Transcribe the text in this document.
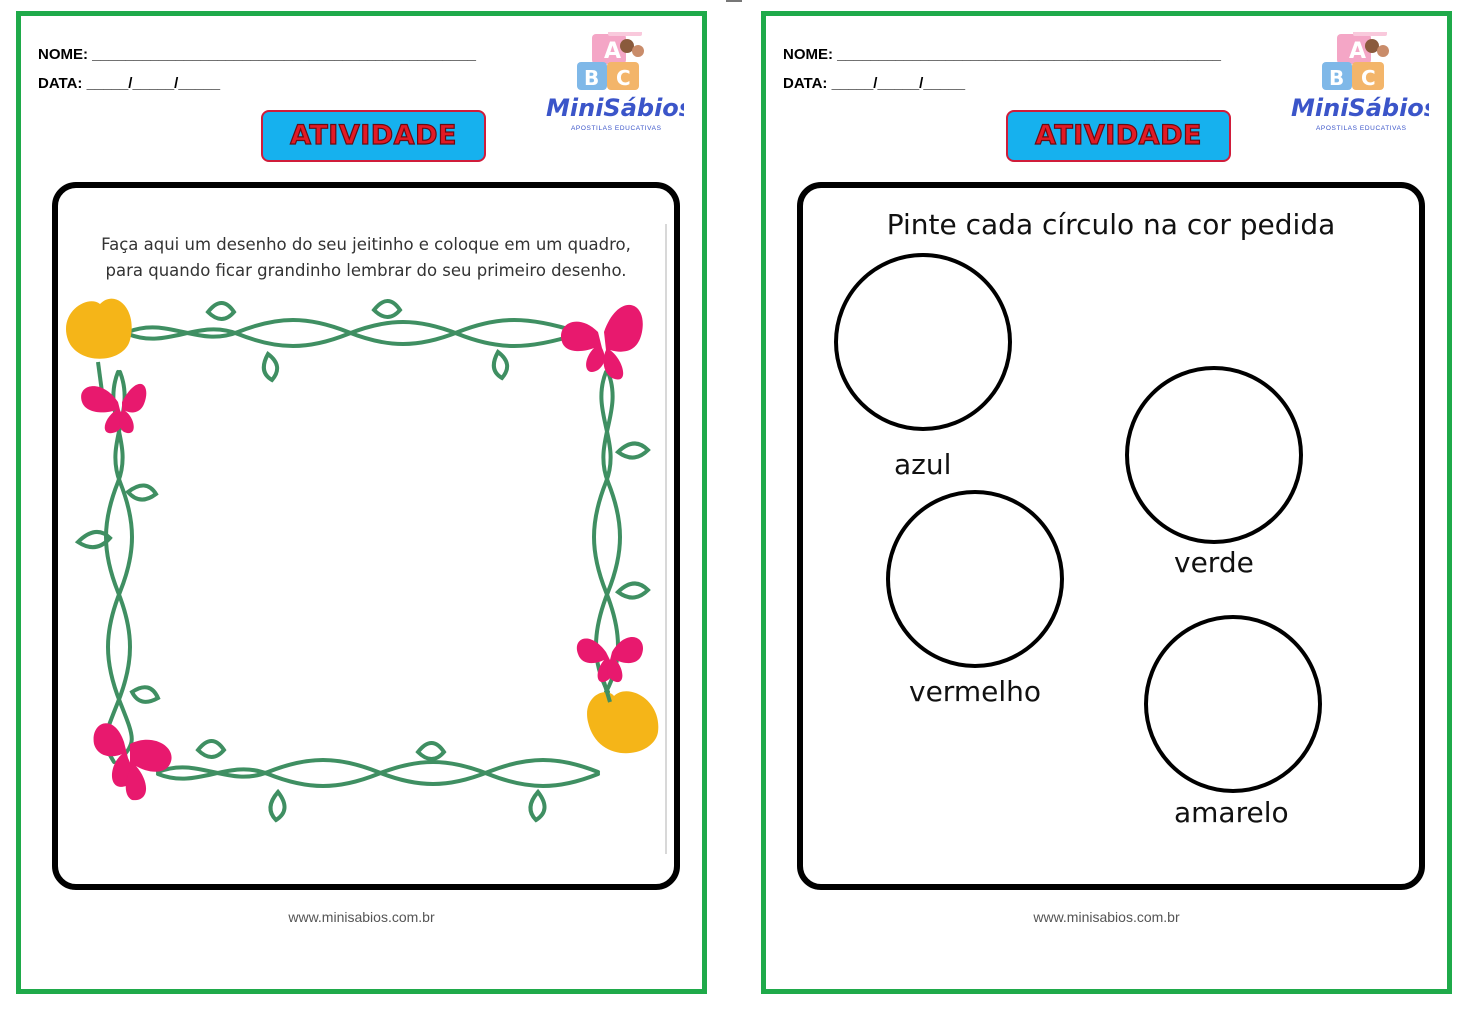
NOME: ______________________________________________
DATA: _____/_____/_____
A
B C
MiniSábios
APOSTILAS EDUCATIVAS
ATIVIDADE
Faça aqui um desenho do seu jeitinho e coloque em um quadro,
para quando ficar grandinho lembrar do seu primeiro desenho.
www.minisabios.com.br
NOME: ______________________________________________
DATA: _____/_____/_____
A
B C
MiniSábios
APOSTILAS EDUCATIVAS
ATIVIDADE
Pinte cada círculo na cor pedida
azul
verde
vermelho
amarelo
www.minisabios.com.br
